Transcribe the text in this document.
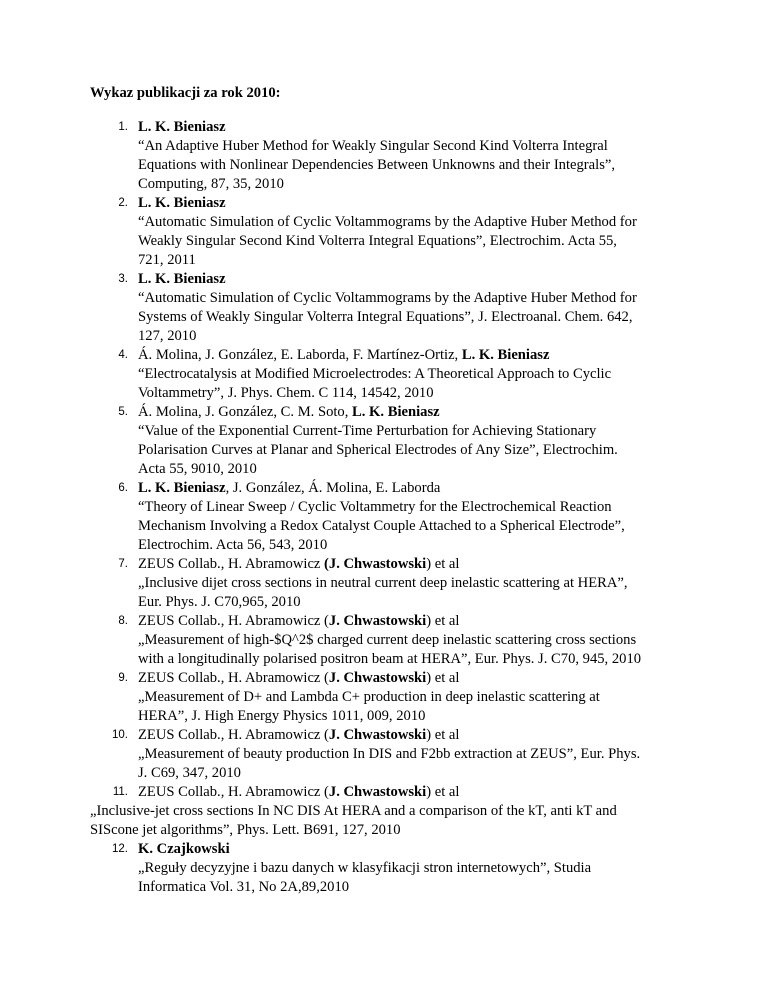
Wykaz publikacji za rok 2010:
1. L. K. Bieniasz
“An Adaptive Huber Method for Weakly Singular Second Kind Volterra Integral
Equations with Nonlinear Dependencies Between Unknowns and their Integrals”,
Computing, 87, 35, 2010
2. L. K. Bieniasz
“Automatic Simulation of Cyclic Voltammograms by the Adaptive Huber Method for
Weakly Singular Second Kind Volterra Integral Equations”, Electrochim. Acta 55,
721, 2011
3. L. K. Bieniasz
“Automatic Simulation of Cyclic Voltammograms by the Adaptive Huber Method for
Systems of Weakly Singular Volterra Integral Equations”, J. Electroanal. Chem. 642,
127, 2010
4. Á. Molina, J. González, E. Laborda, F. Martínez-Ortiz, L. K. Bieniasz
“Electrocatalysis at Modified Microelectrodes: A Theoretical Approach to Cyclic
Voltammetry”, J. Phys. Chem. C 114, 14542, 2010
5. Á. Molina, J. González, C. M. Soto, L. K. Bieniasz
“Value of the Exponential Current-Time Perturbation for Achieving Stationary
Polarisation Curves at Planar and Spherical Electrodes of Any Size”, Electrochim.
Acta 55, 9010, 2010
6. L. K. Bieniasz, J. González, Á. Molina, E. Laborda
“Theory of Linear Sweep / Cyclic Voltammetry for the Electrochemical Reaction
Mechanism Involving a Redox Catalyst Couple Attached to a Spherical Electrode”,
Electrochim. Acta 56, 543, 2010
7. ZEUS Collab., H. Abramowicz (J. Chwastowski) et al
„Inclusive dijet cross sections in neutral current deep inelastic scattering at HERA”,
Eur. Phys. J. C70,965, 2010
8. ZEUS Collab., H. Abramowicz (J. Chwastowski) et al
„Measurement of high-$Q^2$ charged current deep inelastic scattering cross sections
with a longitudinally polarised positron beam at HERA”, Eur. Phys. J. C70, 945, 2010
9. ZEUS Collab., H. Abramowicz (J. Chwastowski) et al
„Measurement of D+ and Lambda C+ production in deep inelastic scattering at
HERA”, J. High Energy Physics 1011, 009, 2010
10. ZEUS Collab., H. Abramowicz (J. Chwastowski) et al
„Measurement of beauty production In DIS and F2bb extraction at ZEUS”, Eur. Phys.
J. C69, 347, 2010
11. ZEUS Collab., H. Abramowicz (J. Chwastowski) et al
„Inclusive-jet cross sections In NC DIS At HERA and a comparison of the kT, anti kT and
SIScone jet algorithms”, Phys. Lett. B691, 127, 2010
12. K. Czajkowski
„Reguły decyzyjne i bazu danych w klasyfikacji stron internetowych”, Studia
Informatica Vol. 31, No 2A,89,2010
